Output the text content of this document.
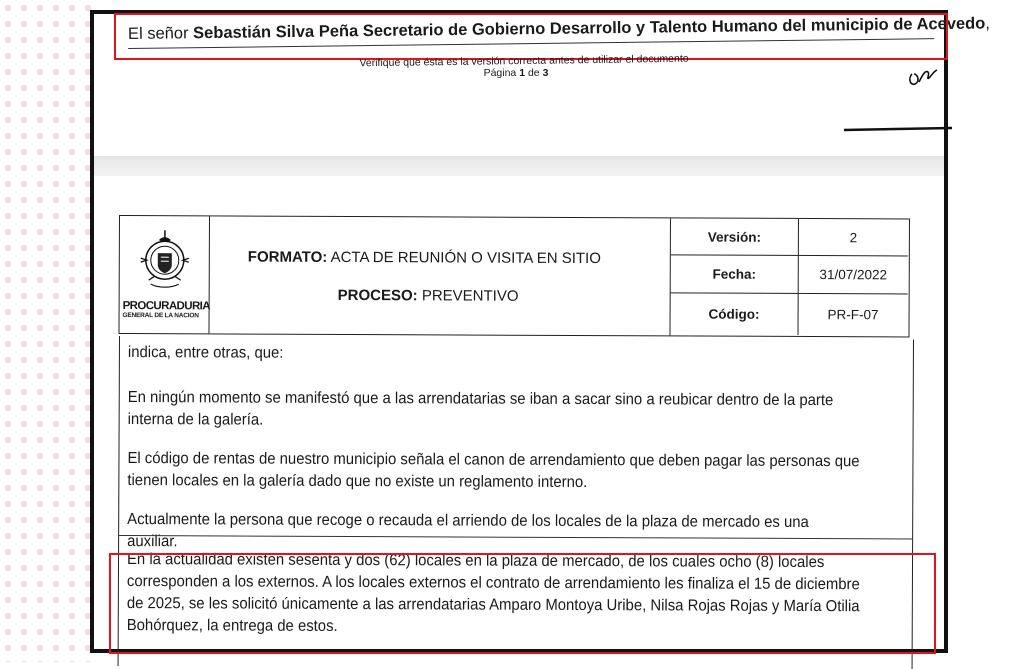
El señor Sebastián Silva Peña Secretario de Gobierno Desarrollo y Talento Humano del municipio de Acevedo,
Verifique que ésta es la versión correcta antes de utilizar el documento
Página 1 de 3
PROCURADURIA
GENERAL DE LA NACION
FORMATO: ACTA DE REUNIÓN O VISITA EN SITIO
PROCESO: PREVENTIVO
Versión:	2
Fecha:	31/07/2022
Código:	PR-F-07
indica, entre otras, que:
En ningún momento se manifestó que a las arrendatarias se iban a sacar sino a reubicar dentro de la parte interna de la galería.
El código de rentas de nuestro municipio señala el canon de arrendamiento que deben pagar las personas que tienen locales en la galería dado que no existe un reglamento interno.
Actualmente la persona que recoge o recauda el arriendo de los locales de la plaza de mercado es una auxiliar.
En la actualidad existen sesenta y dos (62) locales en la plaza de mercado, de los cuales ocho (8) locales corresponden a los externos. A los locales externos el contrato de arrendamiento les finaliza el 15 de diciembre de 2025, se les solicitó únicamente a las arrendatarias Amparo Montoya Uribe, Nilsa Rojas Rojas y María Otilia Bohórquez, la entrega de estos.
